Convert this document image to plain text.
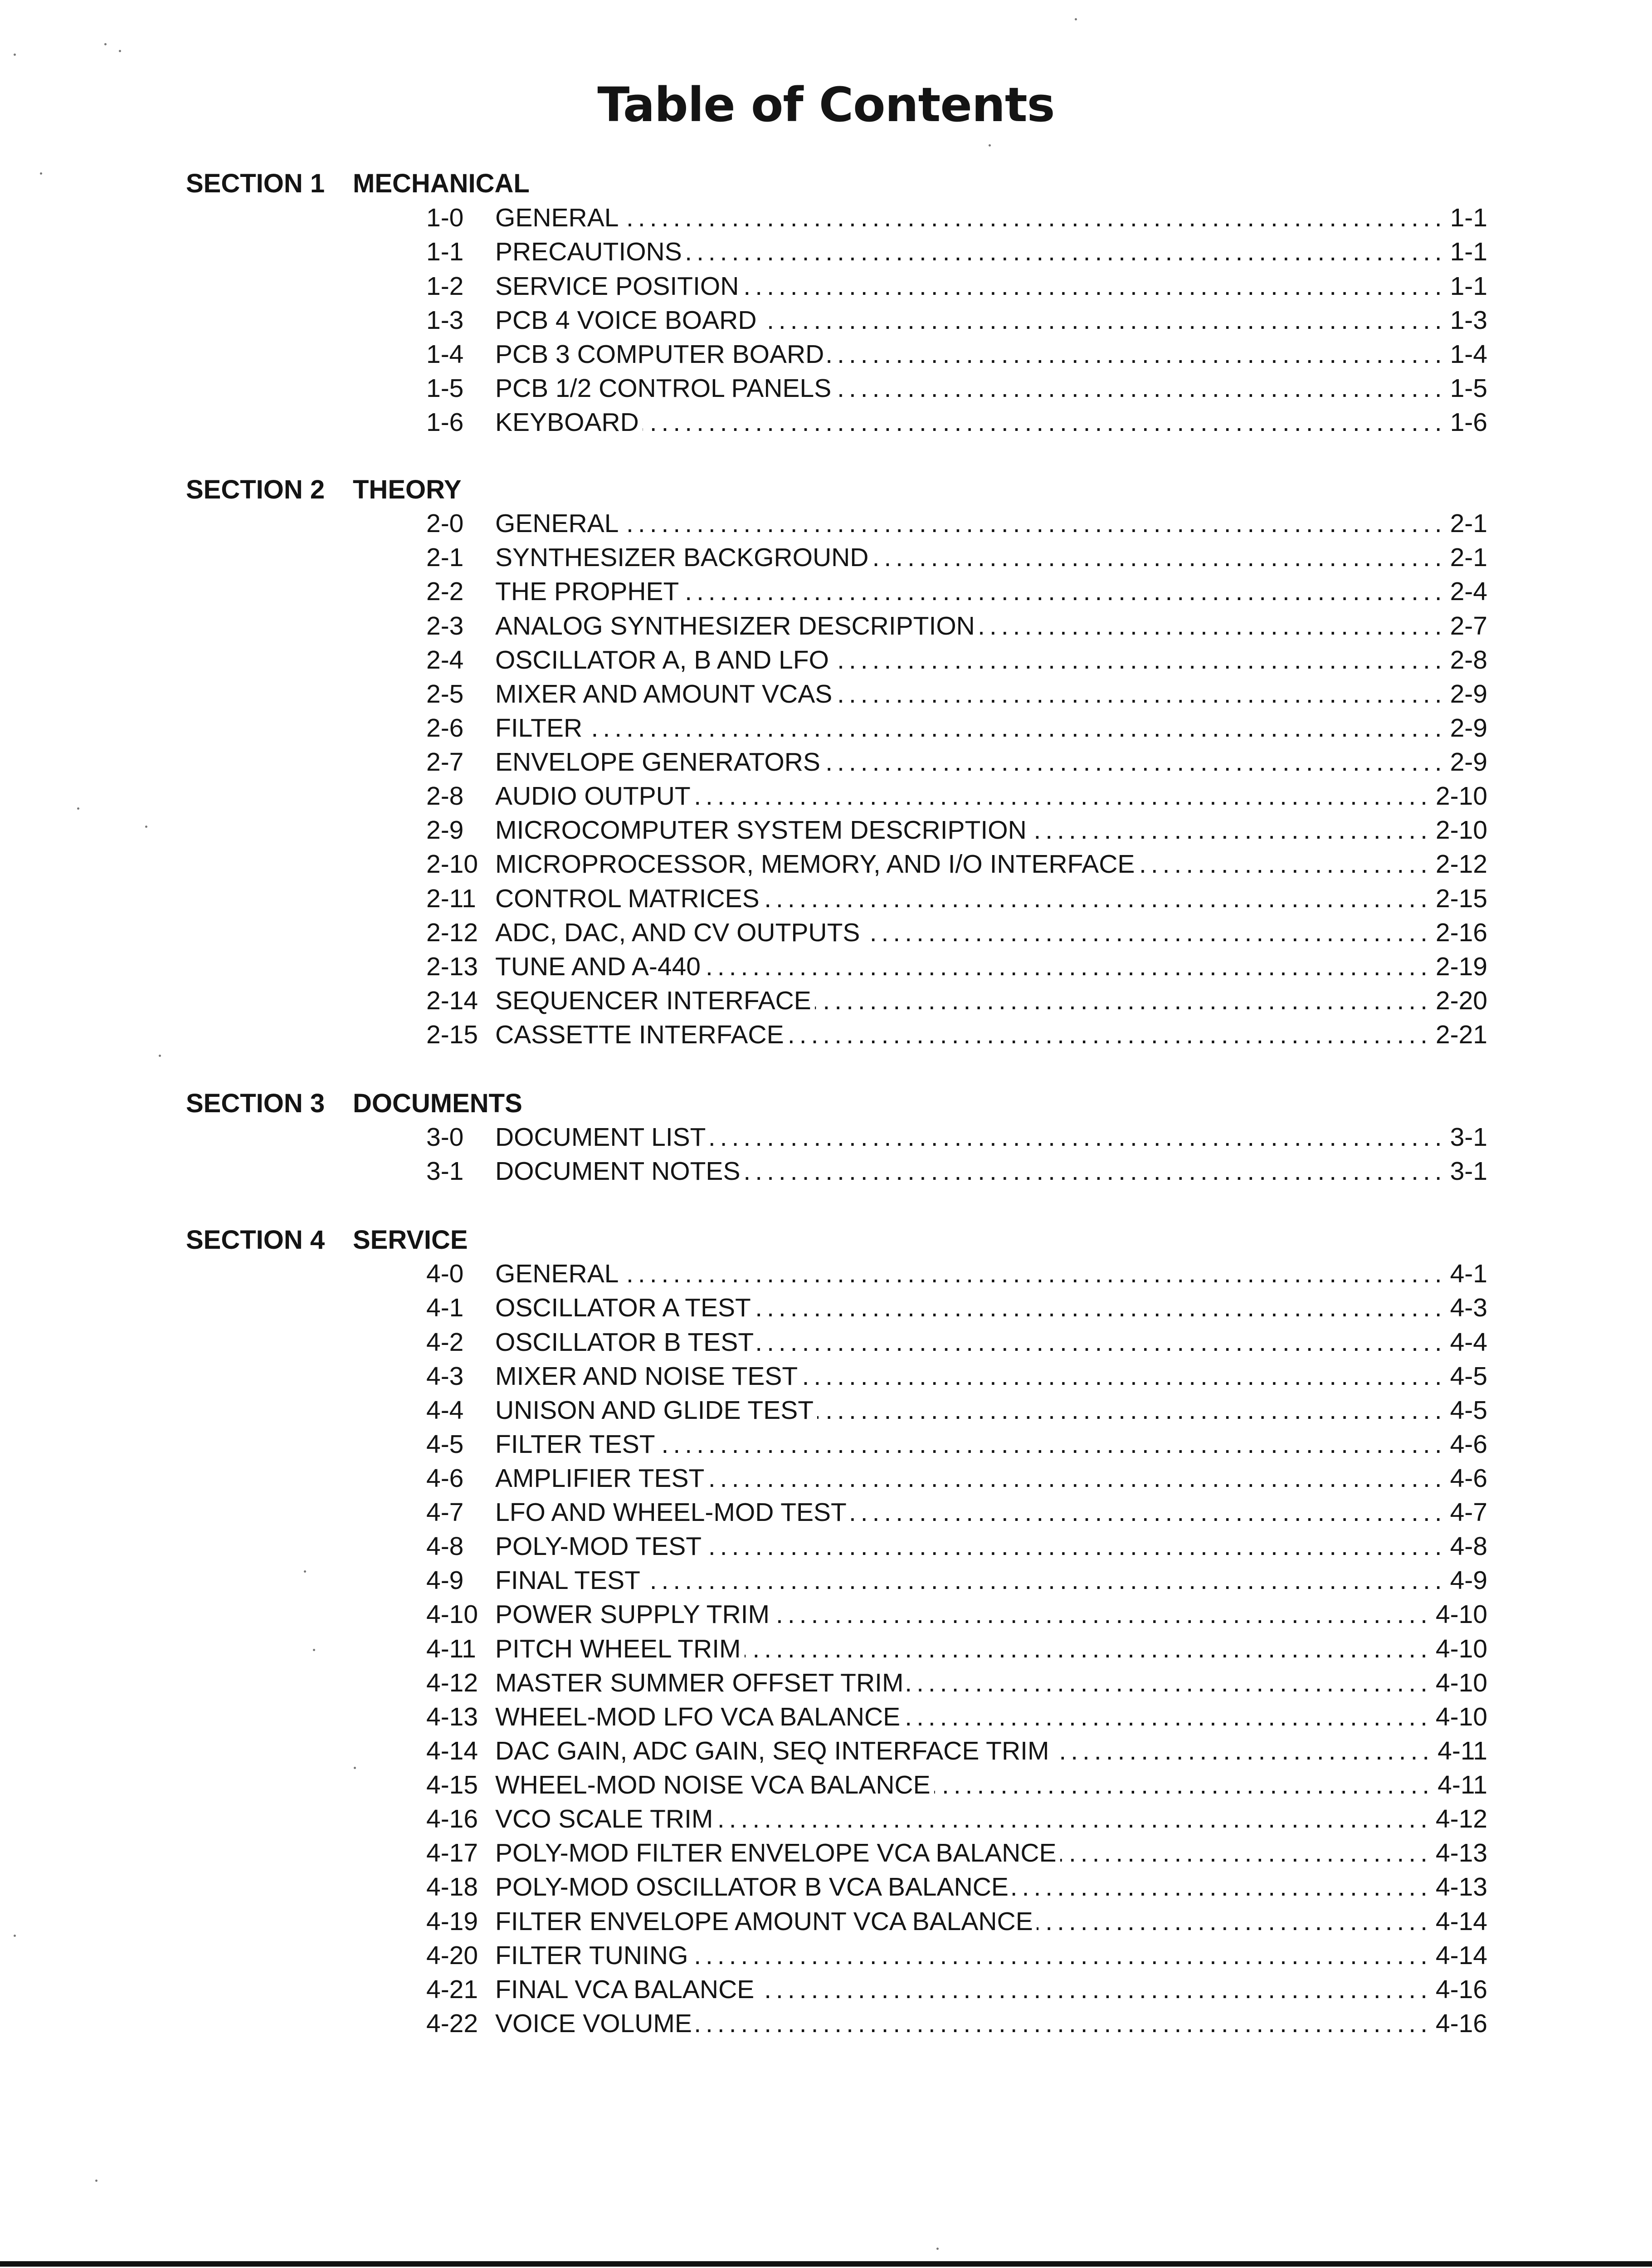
Table of Contents
SECTION 1 MECHANICAL
1-0	GENERAL .....	1-1
1-1	PRECAUTIONS .....	1-1
1-2	SERVICE POSITION .....	1-1
1-3	PCB 4 VOICE BOARD .....	1-3
1-4	PCB 3 COMPUTER BOARD .....	1-4
1-5	PCB 1/2 CONTROL PANELS .....	1-5
1-6	KEYBOARD .....	1-6
SECTION 2 THEORY
2-0	GENERAL .....	2-1
2-1	SYNTHESIZER BACKGROUND .....	2-1
2-2	THE PROPHET .....	2-4
2-3	ANALOG SYNTHESIZER DESCRIPTION .....	2-7
2-4	OSCILLATOR A, B AND LFO .....	2-8
2-5	MIXER AND AMOUNT VCAS .....	2-9
2-6	FILTER .....	2-9
2-7	ENVELOPE GENERATORS .....	2-9
2-8	AUDIO OUTPUT .....	2-10
2-9	MICROCOMPUTER SYSTEM DESCRIPTION .....	2-10
2-10 MICROPROCESSOR, MEMORY, AND I/O INTERFACE .....	2-12
2-11 CONTROL MATRICES .....	2-15
2-12 ADC, DAC, AND CV OUTPUTS .....	2-16
2-13 TUNE AND A-440 .....	2-19
2-14 SEQUENCER INTERFACE .....	2-20
2-15 CASSETTE INTERFACE .....	2-21
SECTION 3 DOCUMENTS
3-0	DOCUMENT LIST .....	3-1
3-1	DOCUMENT NOTES .....	3-1
SECTION 4 SERVICE
4-0	GENERAL .....	4-1
4-1	OSCILLATOR A TEST .....	4-3
4-2	OSCILLATOR B TEST .....	4-4
4-3	MIXER AND NOISE TEST .....	4-5
4-4	UNISON AND GLIDE TEST .....	4-5
4-5	FILTER TEST .....	4-6
4-6	AMPLIFIER TEST .....	4-6
4-7	LFO AND WHEEL-MOD TEST .....	4-7
4-8	POLY-MOD TEST .....	4-8
4-9	FINAL TEST .....	4-9
4-10 POWER SUPPLY TRIM .....	4-10
4-11 PITCH WHEEL TRIM .....	4-10
4-12 MASTER SUMMER OFFSET TRIM .....	4-10
4-13 WHEEL-MOD LFO VCA BALANCE .....	4-10
4-14 DAC GAIN, ADC GAIN, SEQ INTERFACE TRIM .....	4-11
4-15 WHEEL-MOD NOISE VCA BALANCE .....	4-11
4-16 VCO SCALE TRIM .....	4-12
4-17 POLY-MOD FILTER ENVELOPE VCA BALANCE .....	4-13
4-18 POLY-MOD OSCILLATOR B VCA BALANCE .....	4-13
4-19 FILTER ENVELOPE AMOUNT VCA BALANCE .....	4-14
4-20 FILTER TUNING .....	4-14
4-21 FINAL VCA BALANCE .....	4-16
4-22 VOICE VOLUME .....	4-16
